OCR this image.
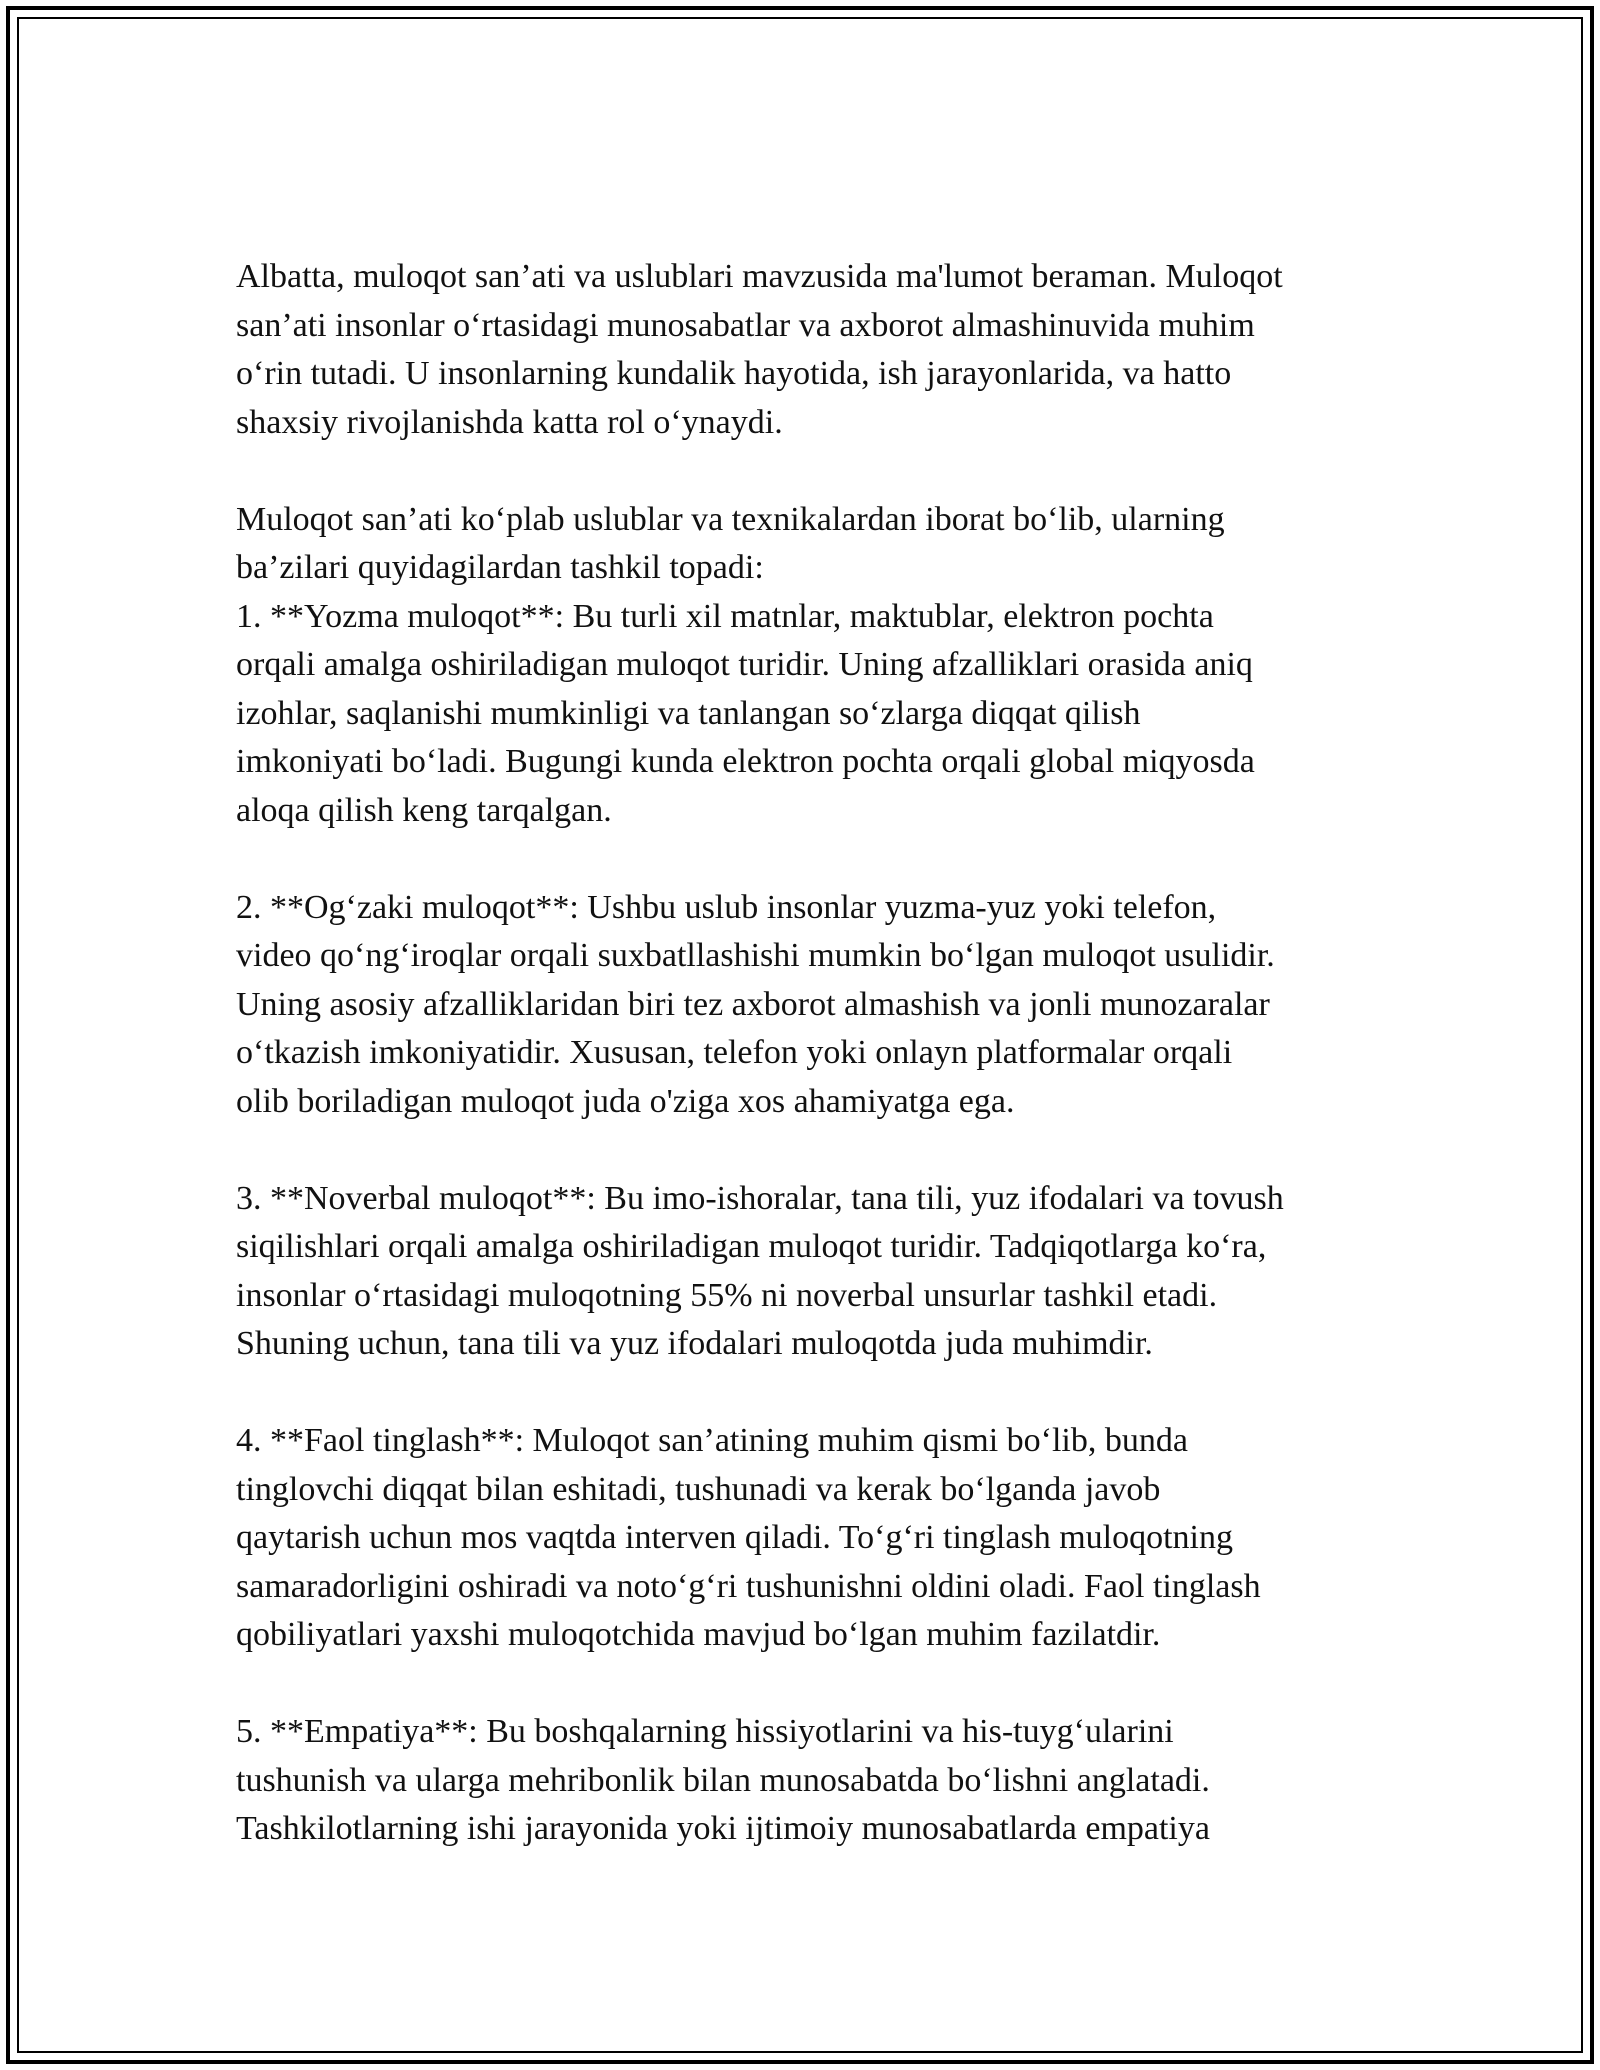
Albatta, muloqot san’ati va uslublari mavzusida ma'lumot beraman. Muloqot
san’ati insonlar o‘rtasidagi munosabatlar va axborot almashinuvida muhim
o‘rin tutadi. U insonlarning kundalik hayotida, ish jarayonlarida, va hatto
shaxsiy rivojlanishda katta rol o‘ynaydi.
Muloqot san’ati ko‘plab uslublar va texnikalardan iborat bo‘lib, ularning
ba’zilari quyidagilardan tashkil topadi:
1. **Yozma muloqot**: Bu turli xil matnlar, maktublar, elektron pochta
orqali amalga oshiriladigan muloqot turidir. Uning afzalliklari orasida aniq
izohlar, saqlanishi mumkinligi va tanlangan so‘zlarga diqqat qilish
imkoniyati bo‘ladi. Bugungi kunda elektron pochta orqali global miqyosda
aloqa qilish keng tarqalgan.
2. **Og‘zaki muloqot**: Ushbu uslub insonlar yuzma-yuz yoki telefon,
video qo‘ng‘iroqlar orqali suxbatllashishi mumkin bo‘lgan muloqot usulidir.
Uning asosiy afzalliklaridan biri tez axborot almashish va jonli munozaralar
o‘tkazish imkoniyatidir. Xususan, telefon yoki onlayn platformalar orqali
olib boriladigan muloqot juda o'ziga xos ahamiyatga ega.
3. **Noverbal muloqot**: Bu imo-ishoralar, tana tili, yuz ifodalari va tovush
siqilishlari orqali amalga oshiriladigan muloqot turidir. Tadqiqotlarga ko‘ra,
insonlar o‘rtasidagi muloqotning 55% ni noverbal unsurlar tashkil etadi.
Shuning uchun, tana tili va yuz ifodalari muloqotda juda muhimdir.
4. **Faol tinglash**: Muloqot san’atining muhim qismi bo‘lib, bunda
tinglovchi diqqat bilan eshitadi, tushunadi va kerak bo‘lganda javob
qaytarish uchun mos vaqtda interven qiladi. To‘g‘ri tinglash muloqotning
samaradorligini oshiradi va noto‘g‘ri tushunishni oldini oladi. Faol tinglash
qobiliyatlari yaxshi muloqotchida mavjud bo‘lgan muhim fazilatdir.
5. **Empatiya**: Bu boshqalarning hissiyotlarini va his-tuyg‘ularini
tushunish va ularga mehribonlik bilan munosabatda bo‘lishni anglatadi.
Tashkilotlarning ishi jarayonida yoki ijtimoiy munosabatlarda empatiya
